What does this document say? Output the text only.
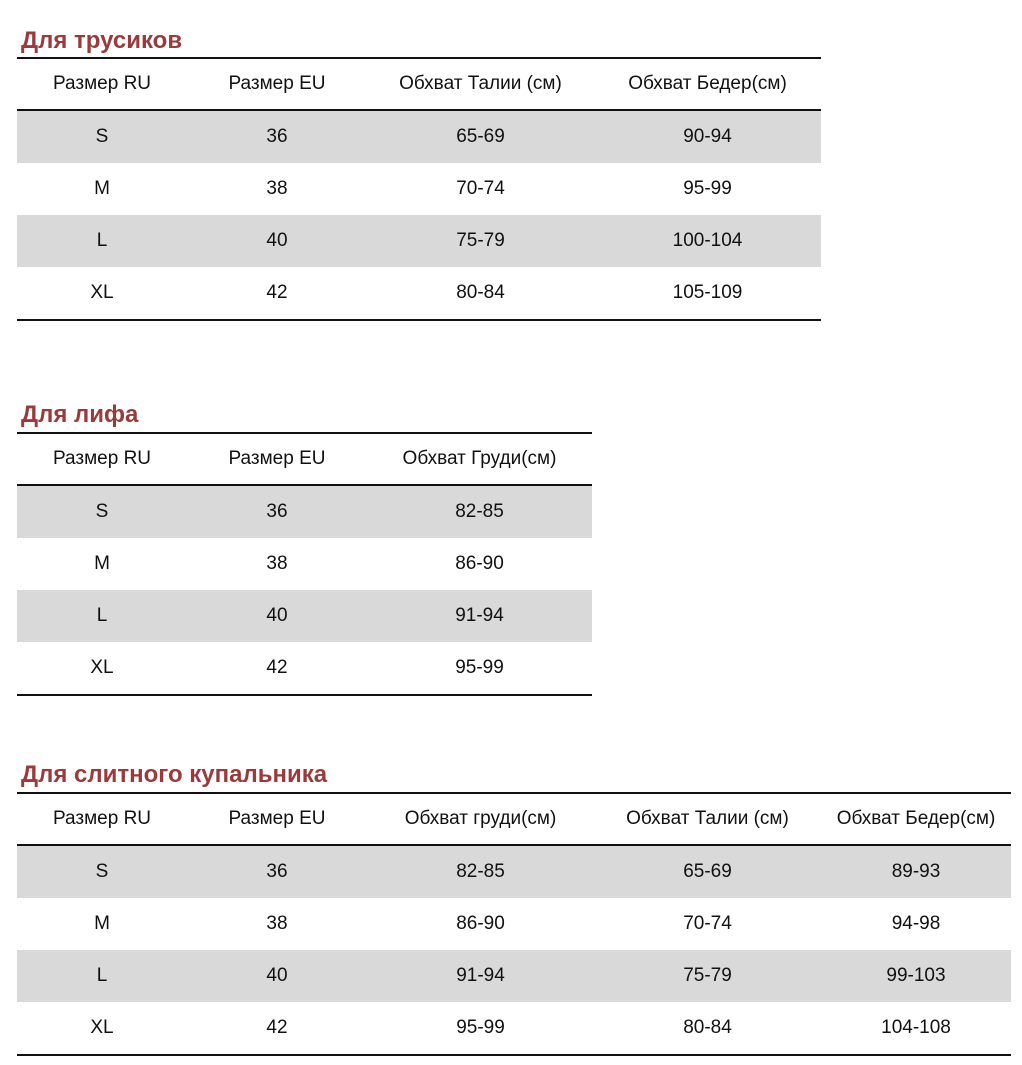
Для трусиков
Размер RU	Размер EU	Обхват Талии (см)	Обхват Бедер(см)
S	36	65-69	90-94
M	38	70-74	95-99
L	40	75-79	100-104
XL	42	80-84	105-109
Для лифа
Размер RU	Размер EU	Обхват Груди(см)
S	36	82-85
M	38	86-90
L	40	91-94
XL	42	95-99
Для слитного купальника
Размер RU	Размер EU	Обхват груди(см)	Обхват Талии (см)	Обхват Бедер(см)
S	36	82-85	65-69	89-93
M	38	86-90	70-74	94-98
L	40	91-94	75-79	99-103
XL	42	95-99	80-84	104-108
